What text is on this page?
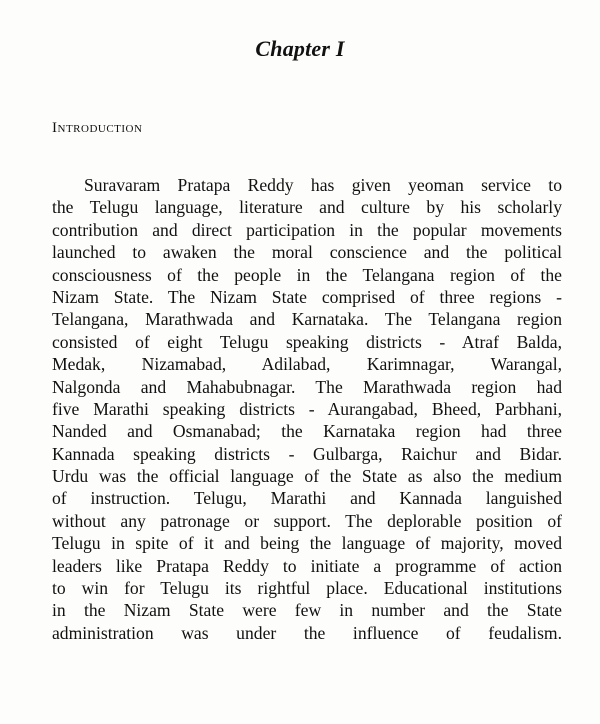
Chapter I
Introduction
Suravaram Pratapa Reddy has given yeoman service to
the Telugu language, literature and culture by his scholarly
contribution and direct participation in the popular movements
launched to awaken the moral conscience and the political
consciousness of the people in the Telangana region of the
Nizam State. The Nizam State comprised of three regions -
Telangana, Marathwada and Karnataka. The Telangana region
consisted of eight Telugu speaking districts - Atraf Balda,
Medak, Nizamabad, Adilabad, Karimnagar, Warangal,
Nalgonda and Mahabubnagar. The Marathwada region had
five Marathi speaking districts - Aurangabad, Bheed, Parbhani,
Nanded and Osmanabad; the Karnataka region had three
Kannada speaking districts - Gulbarga, Raichur and Bidar.
Urdu was the official language of the State as also the medium
of instruction. Telugu, Marathi and Kannada languished
without any patronage or support. The deplorable position of
Telugu in spite of it and being the language of majority, moved
leaders like Pratapa Reddy to initiate a programme of action
to win for Telugu its rightful place. Educational institutions
in the Nizam State were few in number and the State
administration was under the influence of feudalism.
